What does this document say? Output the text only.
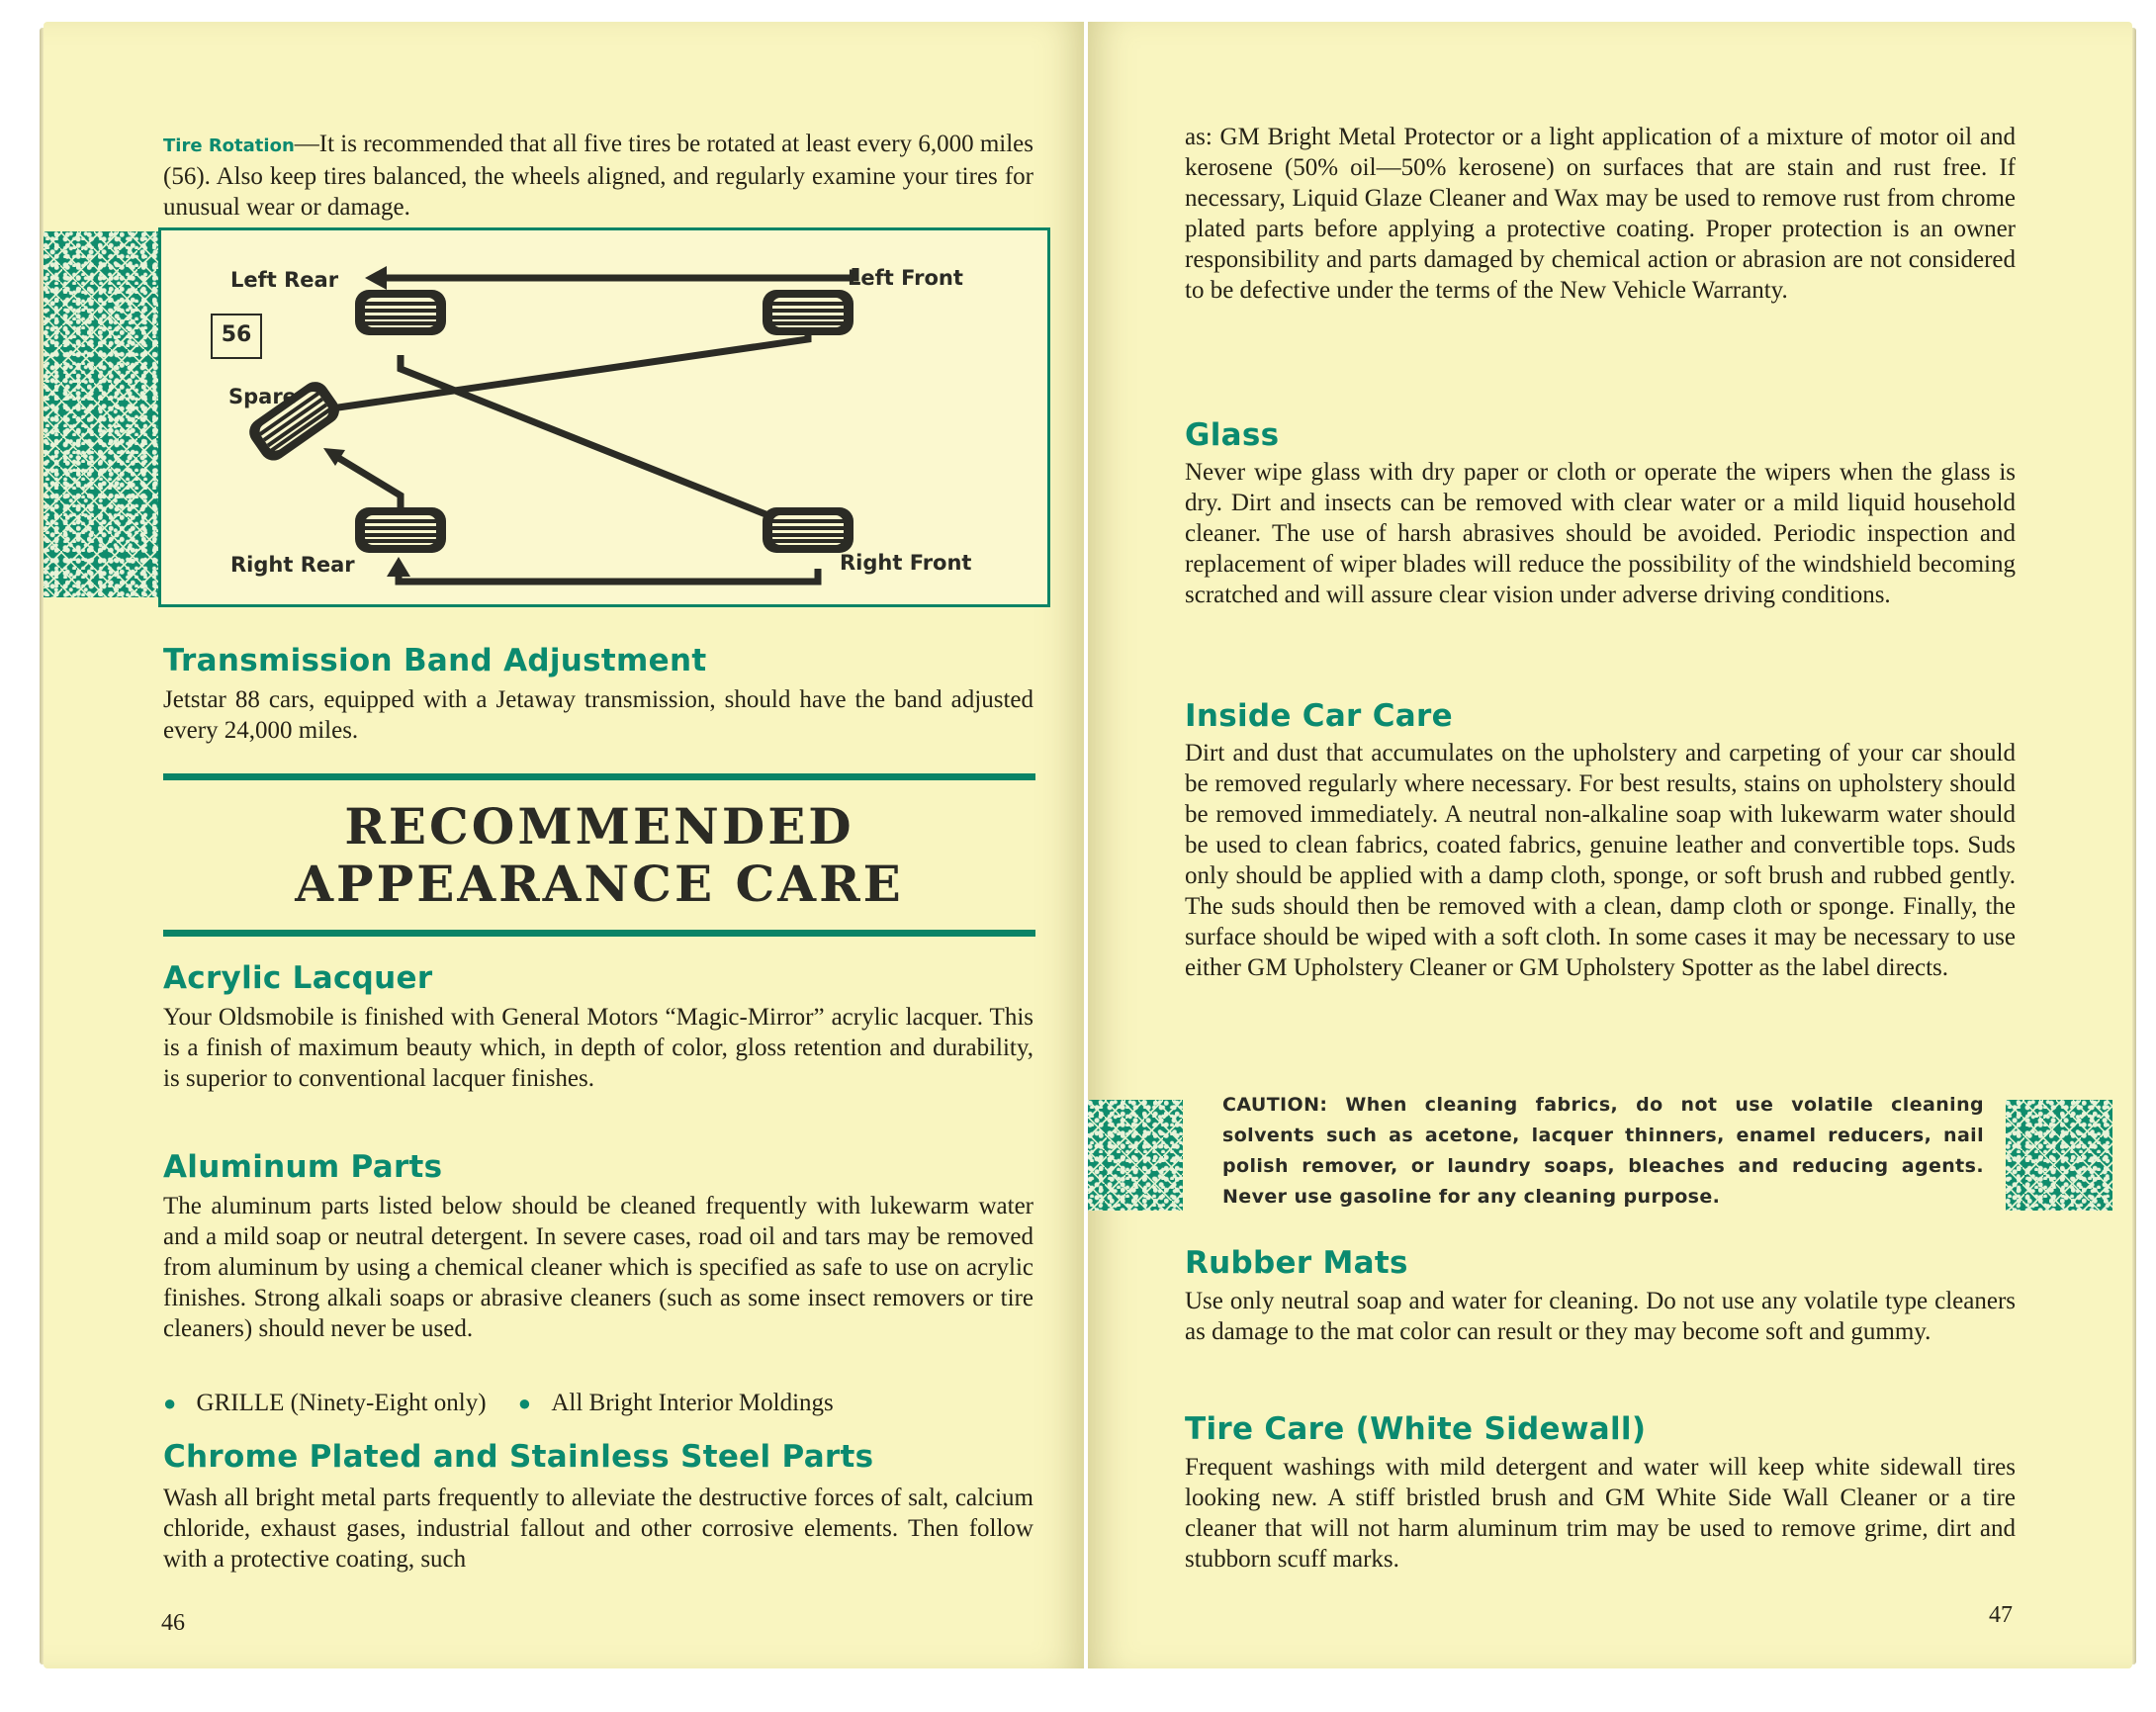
Tire Rotation—It is recommended that all five tires be rotated at least every 6,000 miles (56). Also keep tires balanced, the wheels aligned, and regularly examine your tires for unusual wear or damage.
56
Left Rear	Left Front
Spare
Right Rear	Right Front
Transmission Band Adjustment
Jetstar 88 cars, equipped with a Jetaway transmission, should have the band adjusted every 24,000 miles.
RECOMMENDED
APPEARANCE CARE
Acrylic Lacquer
Your Oldsmobile is finished with General Motors “Magic-Mirror” acrylic lacquer. This is a finish of maximum beauty which, in depth of color, gloss retention and durability, is superior to conventional lacquer finishes.
Aluminum Parts
The aluminum parts listed below should be cleaned frequently with lukewarm water and a mild soap or neutral detergent. In severe cases, road oil and tars may be removed from aluminum by using a chemical cleaner which is specified as safe to use on acrylic finishes. Strong alkali soaps or abrasive cleaners (such as some insect removers or tire cleaners) should never be used.
● GRILLE (Ninety-Eight only) ● All Bright Interior Moldings
Chrome Plated and Stainless Steel Parts
Wash all bright metal parts frequently to alleviate the destructive forces of salt, calcium chloride, exhaust gases, industrial fallout and other corrosive elements. Then follow with a protective coating, such
46
as: GM Bright Metal Protector or a light application of a mixture of motor oil and kerosene (50% oil—50% kerosene) on surfaces that are stain and rust free. If necessary, Liquid Glaze Cleaner and Wax may be used to remove rust from chrome plated parts before applying a protective coating. Proper protection is an owner responsibility and parts damaged by chemical action or abrasion are not considered to be defective under the terms of the New Vehicle Warranty.
Glass
Never wipe glass with dry paper or cloth or operate the wipers when the glass is dry. Dirt and insects can be removed with clear water or a mild liquid household cleaner. The use of harsh abrasives should be avoided. Periodic inspection and replacement of wiper blades will reduce the possibility of the windshield becoming scratched and will assure clear vision under adverse driving conditions.
Inside Car Care
Dirt and dust that accumulates on the upholstery and carpeting of your car should be removed regularly where necessary. For best results, stains on upholstery should be removed immediately. A neutral non-alkaline soap with lukewarm water should be used to clean fabrics, coated fabrics, genuine leather and convertible tops. Suds only should be applied with a damp cloth, sponge, or soft brush and rubbed gently. The suds should then be removed with a clean, damp cloth or sponge. Finally, the surface should be wiped with a soft cloth. In some cases it may be necessary to use either GM Upholstery Cleaner or GM Upholstery Spotter as the label directs.
CAUTION: When cleaning fabrics, do not use volatile cleaning solvents such as acetone, lacquer thinners, enamel reducers, nail polish remover, or laundry soaps, bleaches and reducing agents. Never use gasoline for any cleaning purpose.
Rubber Mats
Use only neutral soap and water for cleaning. Do not use any volatile type cleaners as damage to the mat color can result or they may become soft and gummy.
Tire Care (White Sidewall)
Frequent washings with mild detergent and water will keep white sidewall tires looking new. A stiff bristled brush and GM White Side Wall Cleaner or a tire cleaner that will not harm aluminum trim may be used to remove grime, dirt and stubborn scuff marks.
47
